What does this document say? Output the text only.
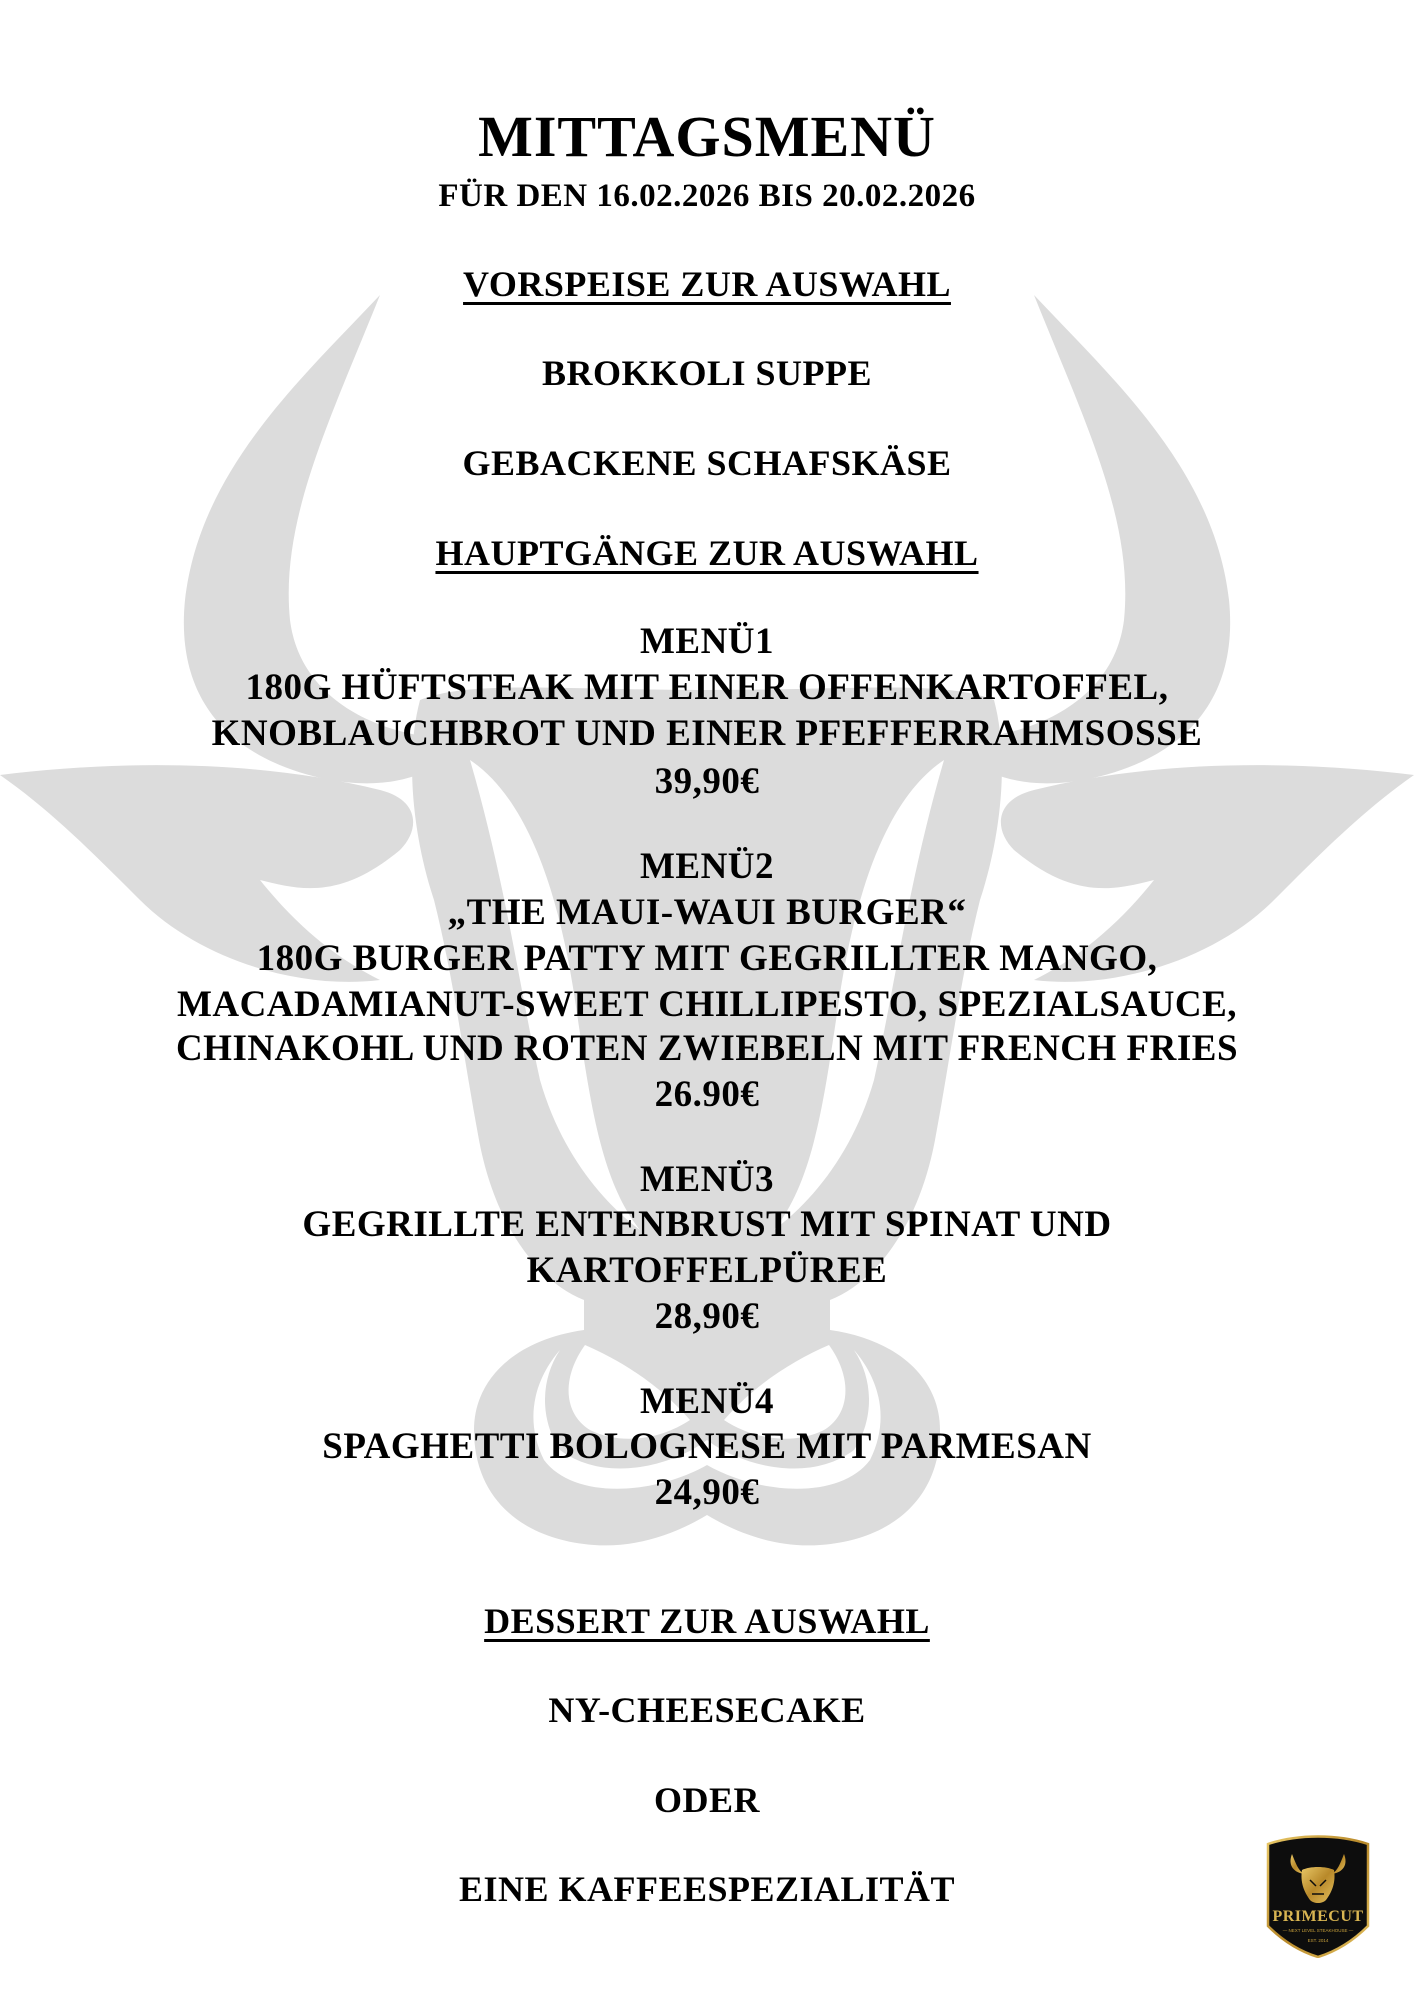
MITTAGSMENÜ
FÜR DEN 16.02.2026 BIS 20.02.2026
VORSPEISE ZUR AUSWAHL
BROKKOLI SUPPE
GEBACKENE SCHAFSKÄSE
HAUPTGÄNGE ZUR AUSWAHL
MENÜ1
180G HÜFTSTEAK MIT EINER OFFENKARTOFFEL,
KNOBLAUCHBROT UND EINER PFEFFERRAHMSOSSE
39,90€
MENÜ2
„THE MAUI-WAUI BURGER“
180G BURGER PATTY MIT GEGRILLTER MANGO,
MACADAMIANUT-SWEET CHILLIPESTO, SPEZIALSAUCE,
CHINAKOHL UND ROTEN ZWIEBELN MIT FRENCH FRIES
26.90€
MENÜ3
GEGRILLTE ENTENBRUST MIT SPINAT UND
KARTOFFELPÜREE
28,90€
MENÜ4
SPAGHETTI BOLOGNESE MIT PARMESAN
24,90€
DESSERT ZUR AUSWAHL
NY-CHEESECAKE
ODER
EINE KAFFEESPEZIALITÄT
PRIMECUT
— NEXT LEVEL STEAKHOUSE —
EST. 2014
